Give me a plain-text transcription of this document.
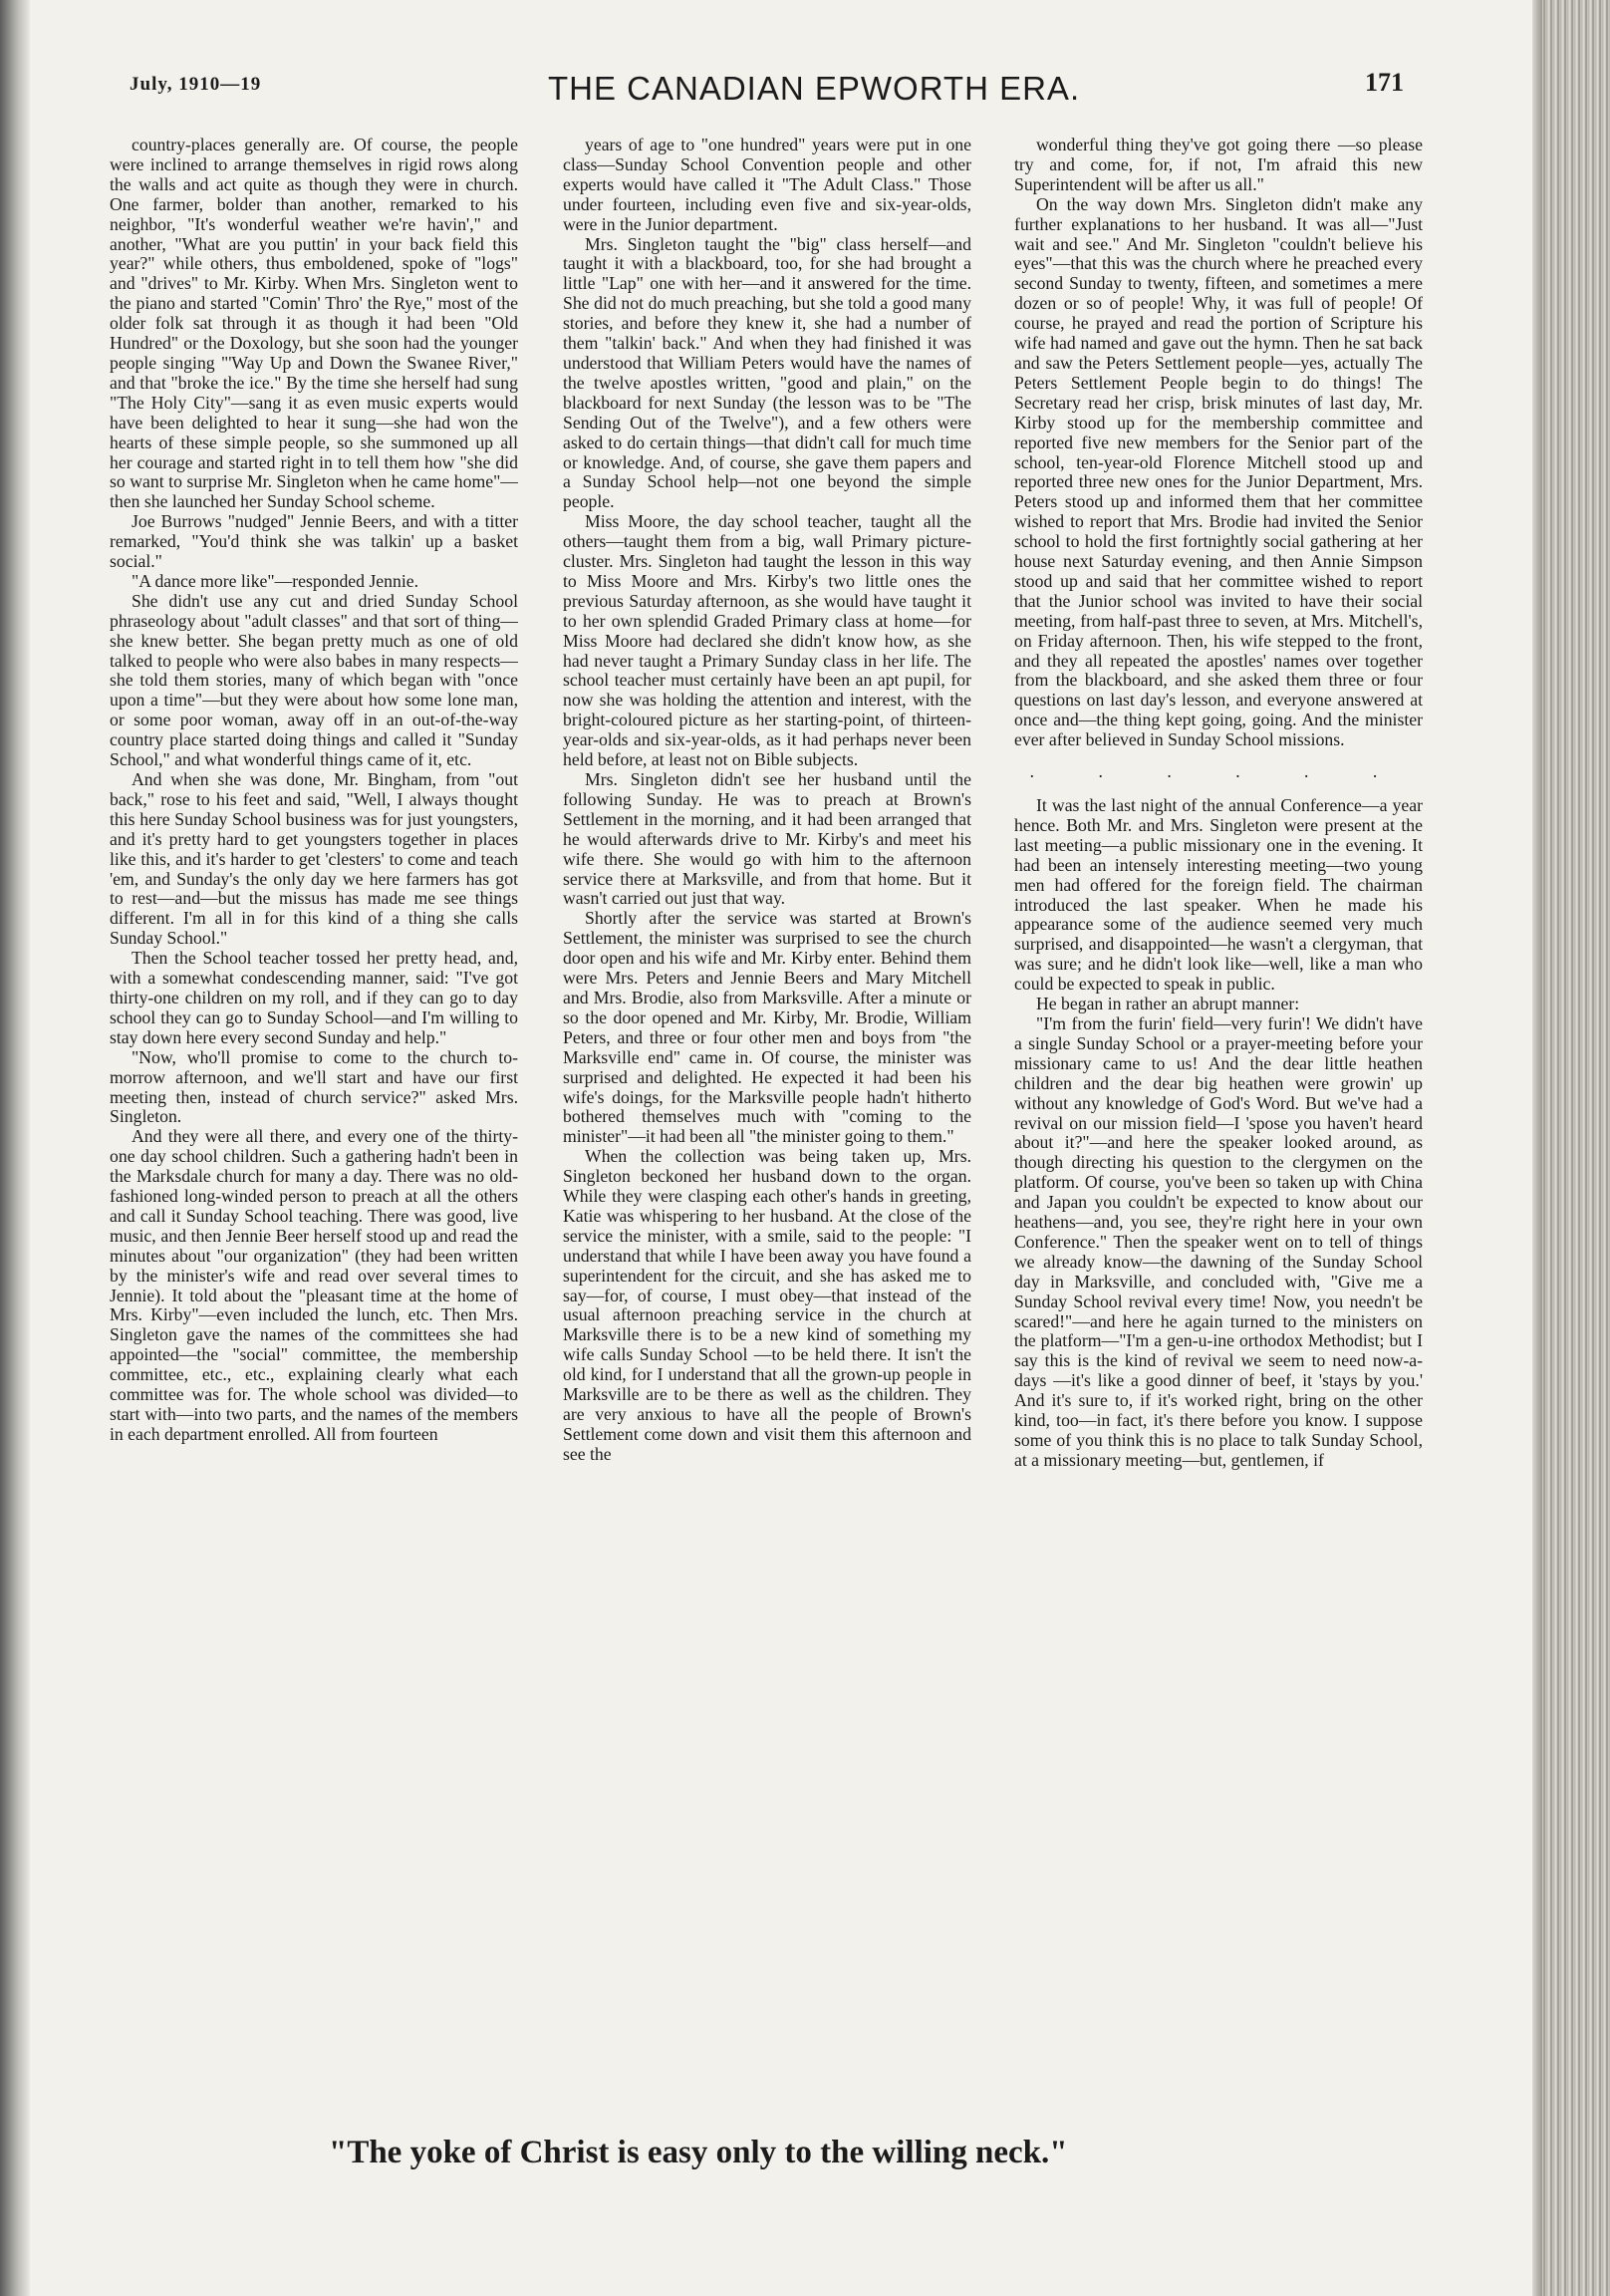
July, 1910—19	THE CANADIAN EPWORTH ERA.	171

country-places generally are. Of course, the people were inclined to arrange themselves in rigid rows along the walls and act quite as though they were in church. One farmer, bolder than another, remarked to his neighbor, "It's wonderful weather we're havin'," and another, "What are you puttin' in your back field this year?" while others, thus emboldened, spoke of "logs" and "drives" to Mr. Kirby. When Mrs. Singleton went to the piano and started "Comin' Thro' the Rye," most of the older folk sat through it as though it had been "Old Hundred" or the Doxology, but she soon had the younger people singing "'Way Up and Down the Swanee River," and that "broke the ice." By the time she herself had sung "The Holy City"—sang it as even music experts would have been delighted to hear it sung—she had won the hearts of these simple people, so she summoned up all her courage and started right in to tell them how "she did so want to surprise Mr. Singleton when he came home"—then she launched her Sunday School scheme.

Joe Burrows "nudged" Jennie Beers, and with a titter remarked, "You'd think she was talkin' up a basket social."

"A dance more like"—responded Jennie.

She didn't use any cut and dried Sunday School phraseology about "adult classes" and that sort of thing—she knew better. She began pretty much as one of old talked to people who were also babes in many respects—she told them stories, many of which began with "once upon a time"—but they were about how some lone man, or some poor woman, away off in an out-of-the-way country place started doing things and called it "Sunday School," and what wonderful things came of it, etc.

And when she was done, Mr. Bingham, from "out back," rose to his feet and said, "Well, I always thought this here Sunday School business was for just youngsters, and it's pretty hard to get youngsters together in places like this, and it's harder to get 'clesters' to come and teach 'em, and Sunday's the only day we here farmers has got to rest—and—but the missus has made me see things different. I'm all in for this kind of a thing she calls Sunday School."

Then the School teacher tossed her pretty head, and, with a somewhat condescending manner, said: "I've got thirty-one children on my roll, and if they can go to day school they can go to Sunday School—and I'm willing to stay down here every second Sunday and help."

"Now, who'll promise to come to the church to-morrow afternoon, and we'll start and have our first meeting then, instead of church service?" asked Mrs. Singleton.

And they were all there, and every one of the thirty-one day school children. Such a gathering hadn't been in the Marksdale church for many a day. There was no old-fashioned long-winded person to preach at all the others and call it Sunday School teaching. There was good, live music, and then Jennie Beer herself stood up and read the minutes about "our organization" (they had been written by the minister's wife and read over several times to Jennie). It told about the "pleasant time at the home of Mrs. Kirby"—even included the lunch, etc. Then Mrs. Singleton gave the names of the committees she had appointed—the "social" committee, the membership committee, etc., etc., explaining clearly what each committee was for. The whole school was divided—to start with—into two parts, and the names of the members in each department enrolled. All from fourteen

years of age to "one hundred" years were put in one class—Sunday School Convention people and other experts would have called it "The Adult Class." Those under fourteen, including even five and six-year-olds, were in the Junior department.

Mrs. Singleton taught the "big" class herself—and taught it with a blackboard, too, for she had brought a little "Lap" one with her—and it answered for the time. She did not do much preaching, but she told a good many stories, and before they knew it, she had a number of them "talkin' back." And when they had finished it was understood that William Peters would have the names of the twelve apostles written, "good and plain," on the blackboard for next Sunday (the lesson was to be "The Sending Out of the Twelve"), and a few others were asked to do certain things—that didn't call for much time or knowledge. And, of course, she gave them papers and a Sunday School help—not one beyond the simple people.

Miss Moore, the day school teacher, taught all the others—taught them from a big, wall Primary picture-cluster. Mrs. Singleton had taught the lesson in this way to Miss Moore and Mrs. Kirby's two little ones the previous Saturday afternoon, as she would have taught it to her own splendid Graded Primary class at home—for Miss Moore had declared she didn't know how, as she had never taught a Primary Sunday class in her life. The school teacher must certainly have been an apt pupil, for now she was holding the attention and interest, with the bright-coloured picture as her starting-point, of thirteen-year-olds and six-year-olds, as it had perhaps never been held before, at least not on Bible subjects.

Mrs. Singleton didn't see her husband until the following Sunday. He was to preach at Brown's Settlement in the morning, and it had been arranged that he would afterwards drive to Mr. Kirby's and meet his wife there. She would go with him to the afternoon service there at Marksville, and from that home. But it wasn't carried out just that way.

Shortly after the service was started at Brown's Settlement, the minister was surprised to see the church door open and his wife and Mr. Kirby enter. Behind them were Mrs. Peters and Jennie Beers and Mary Mitchell and Mrs. Brodie, also from Marksville. After a minute or so the door opened and Mr. Kirby, Mr. Brodie, William Peters, and three or four other men and boys from "the Marksville end" came in. Of course, the minister was surprised and delighted. He expected it had been his wife's doings, for the Marksville people hadn't hitherto bothered themselves much with "coming to the minister"—it had been all "the minister going to them."

When the collection was being taken up, Mrs. Singleton beckoned her husband down to the organ. While they were clasping each other's hands in greeting, Katie was whispering to her husband. At the close of the service the minister, with a smile, said to the people: "I understand that while I have been away you have found a superintendent for the circuit, and she has asked me to say—for, of course, I must obey—that instead of the usual afternoon preaching service in the church at Marksville there is to be a new kind of something my wife calls Sunday School —to be held there. It isn't the old kind, for I understand that all the grown-up people in Marksville are to be there as well as the children. They are very anxious to have all the people of Brown's Settlement come down and visit them this afternoon and see the

wonderful thing they've got going there —so please try and come, for, if not, I'm afraid this new Superintendent will be after us all."

On the way down Mrs. Singleton didn't make any further explanations to her husband. It was all—"Just wait and see." And Mr. Singleton "couldn't believe his eyes"—that this was the church where he preached every second Sunday to twenty, fifteen, and sometimes a mere dozen or so of people! Why, it was full of people! Of course, he prayed and read the portion of Scripture his wife had named and gave out the hymn. Then he sat back and saw the Peters Settlement people—yes, actually The Peters Settlement People begin to do things! The Secretary read her crisp, brisk minutes of last day, Mr. Kirby stood up for the membership committee and reported five new members for the Senior part of the school, ten-year-old Florence Mitchell stood up and reported three new ones for the Junior Department, Mrs. Peters stood up and informed them that her committee wished to report that Mrs. Brodie had invited the Senior school to hold the first fortnightly social gathering at her house next Saturday evening, and then Annie Simpson stood up and said that her committee wished to report that the Junior school was invited to have their social meeting, from half-past three to seven, at Mrs. Mitchell's, on Friday afternoon. Then, his wife stepped to the front, and they all repeated the apostles' names over together from the blackboard, and she asked them three or four questions on last day's lesson, and everyone answered at once and—the thing kept going, going. And the minister ever after believed in Sunday School missions.

. . . . . .

It was the last night of the annual Conference—a year hence. Both Mr. and Mrs. Singleton were present at the last meeting—a public missionary one in the evening. It had been an intensely interesting meeting—two young men had offered for the foreign field. The chairman introduced the last speaker. When he made his appearance some of the audience seemed very much surprised, and disappointed—he wasn't a clergyman, that was sure; and he didn't look like—well, like a man who could be expected to speak in public.

He began in rather an abrupt manner:

"I'm from the furin' field—very furin'! We didn't have a single Sunday School or a prayer-meeting before your missionary came to us! And the dear little heathen children and the dear big heathen were growin' up without any knowledge of God's Word. But we've had a revival on our mission field—I 'spose you haven't heard about it?"—and here the speaker looked around, as though directing his question to the clergymen on the platform. Of course, you've been so taken up with China and Japan you couldn't be expected to know about our heathens—and, you see, they're right here in your own Conference." Then the speaker went on to tell of things we already know—the dawning of the Sunday School day in Marksville, and concluded with, "Give me a Sunday School revival every time! Now, you needn't be scared!"—and here he again turned to the ministers on the platform—"I'm a gen-u-ine orthodox Methodist; but I say this is the kind of revival we seem to need now-a-days —it's like a good dinner of beef, it 'stays by you.' And it's sure to, if it's worked right, bring on the other kind, too—in fact, it's there before you know. I suppose some of you think this is no place to talk Sunday School, at a missionary meeting—but, gentlemen, if

"The yoke of Christ is easy only to the willing neck."
